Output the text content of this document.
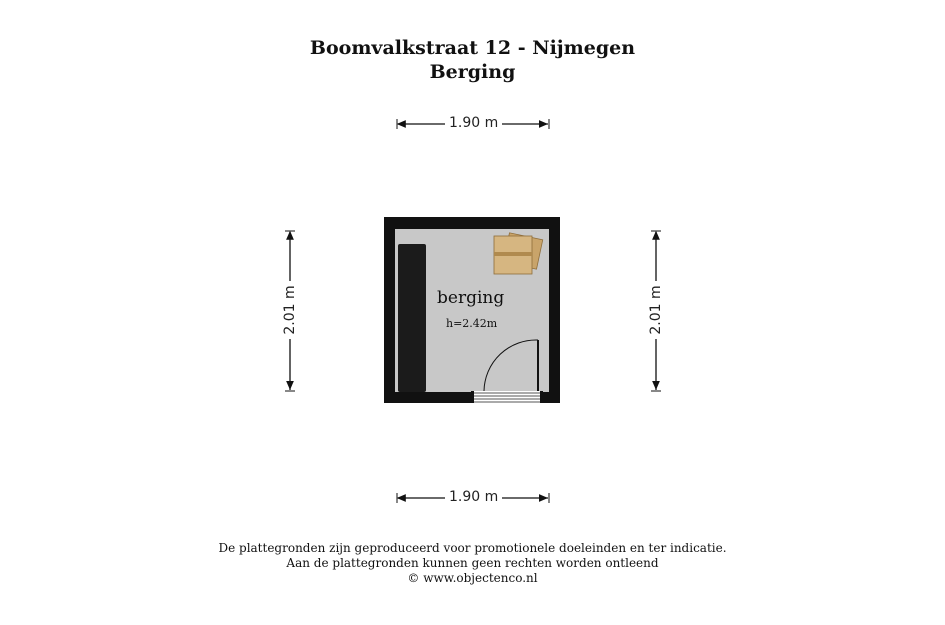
Boomvalkstraat 12 - Nijmegen
Berging
1.90 m
1.90 m
2.01 m	2.01 m
berging
h=2.42m
De plattegronden zijn geproduceerd voor promotionele doeleinden en ter indicatie.
Aan de plattegronden kunnen geen rechten worden ontleend
© www.objectenco.nl
